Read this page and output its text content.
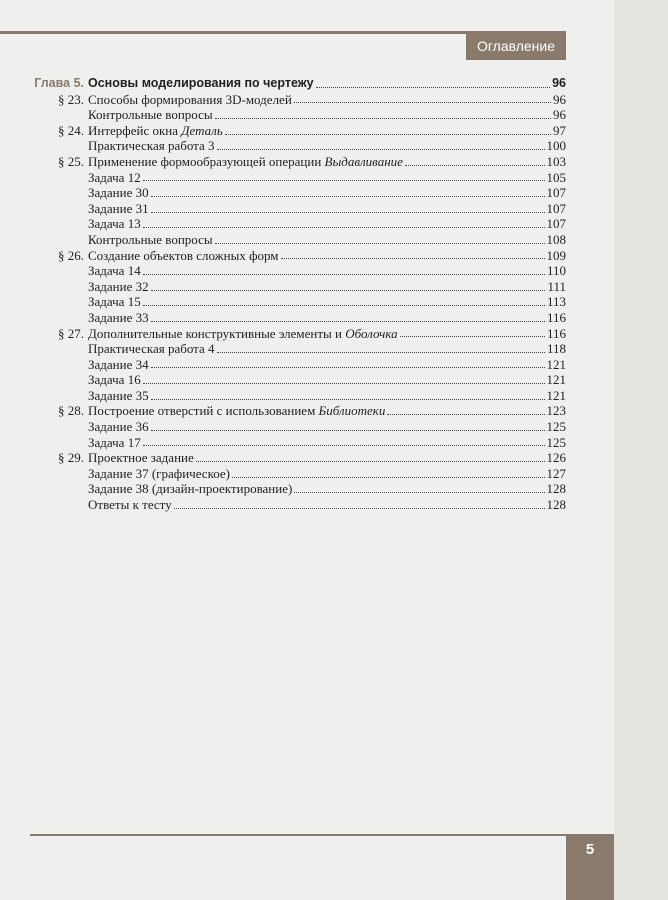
Оглавление
Глава 5. Основы моделирования по чертежу	96
§ 23. Способы формирования 3D-моделей	96
Контрольные вопросы	96
§ 24. Интерфейс окна Деталь	97
Практическая работа 3	100
§ 25. Применение формообразующей операции Выдавливание	103
Задача 12	105
Задание 30	107
Задание 31	107
Задача 13	107
Контрольные вопросы	108
§ 26. Создание объектов сложных форм	109
Задача 14	110
Задание 32	111
Задача 15	113
Задание 33	116
§ 27. Дополнительные конструктивные элементы и Оболочка	116
Практическая работа 4	118
Задание 34	121
Задача 16	121
Задание 35	121
§ 28. Построение отверстий с использованием Библиотеки	123
Задание 36	125
Задача 17	125
§ 29. Проектное задание	126
Задание 37 (графическое)	127
Задание 38 (дизайн-проектирование)	128
Ответы к тесту	128
5
